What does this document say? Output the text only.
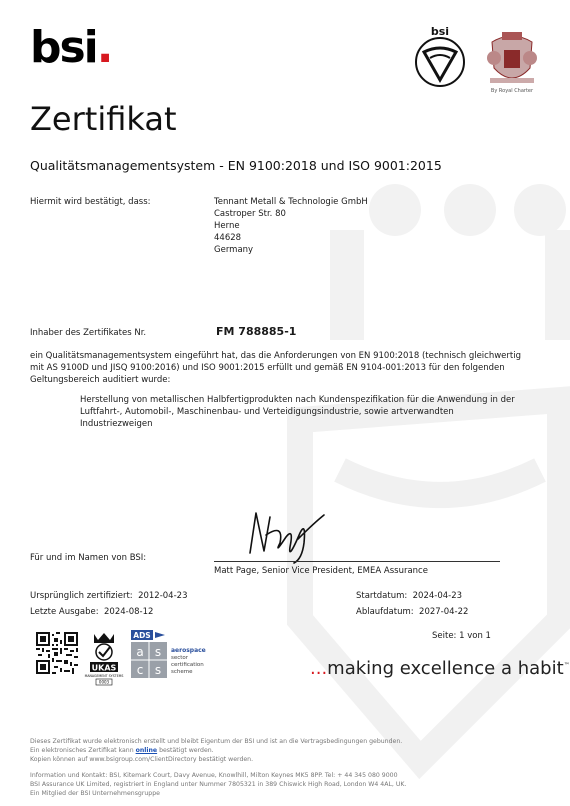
bsi.	bsi
By Royal Charter
Zertifikat
Qualitätsmanagementsystem - EN 9100:2018 und ISO 9001:2015
Hiermit wird bestätigt, dass:	Tennant Metall & Technologie GmbH
Castroper Str. 80
Herne
44628
Germany
Inhaber des Zertifikates Nr.	FM 788885-1
ein Qualitätsmanagementsystem eingeführt hat, das die Anforderungen von EN 9100:2018 (technisch gleichwertig mit AS 9100D und JISQ 9100:2016) und ISO 9001:2015 erfüllt und gemäß EN 9104-001:2013 für den folgenden Geltungsbereich auditiert wurde:
Herstellung von metallischen Halbfertigprodukten nach Kundenspezifikation für die Anwendung in der Luftfahrt-, Automobil-, Maschinenbau- und Verteidigungsindustrie, sowie artverwandten Industriezweigen
Für und im Namen von BSI:
Matt Page, Senior Vice President, EMEA Assurance
Ursprünglich zertifiziert: 2012-04-23
Letzte Ausgabe: 2024-08-12
Startdatum: 2024-04-23
Ablaufdatum: 2027-04-22
Seite: 1 von 1
UKAS
MANAGEMENT SYSTEMS
0003
ADS
a s
c s
aerospace
sector
certification
scheme	...making excellence a habit™
Dieses Zertifikat wurde elektronisch erstellt und bleibt Eigentum der BSI und ist an die Vertragsbedingungen gebunden.
Ein elektronisches Zertifikat kann online bestätigt werden.
Kopien können auf www.bsigroup.com/ClientDirectory bestätigt werden.
Information und Kontakt: BSI, Kitemark Court, Davy Avenue, Knowlhill, Milton Keynes MK5 8PP. Tel: + 44 345 080 9000
BSI Assurance UK Limited, registriert in England unter Nummer 7805321 in 389 Chiswick High Road, London W4 4AL, UK.
Ein Mitglied der BSI Unternehmensgruppe
